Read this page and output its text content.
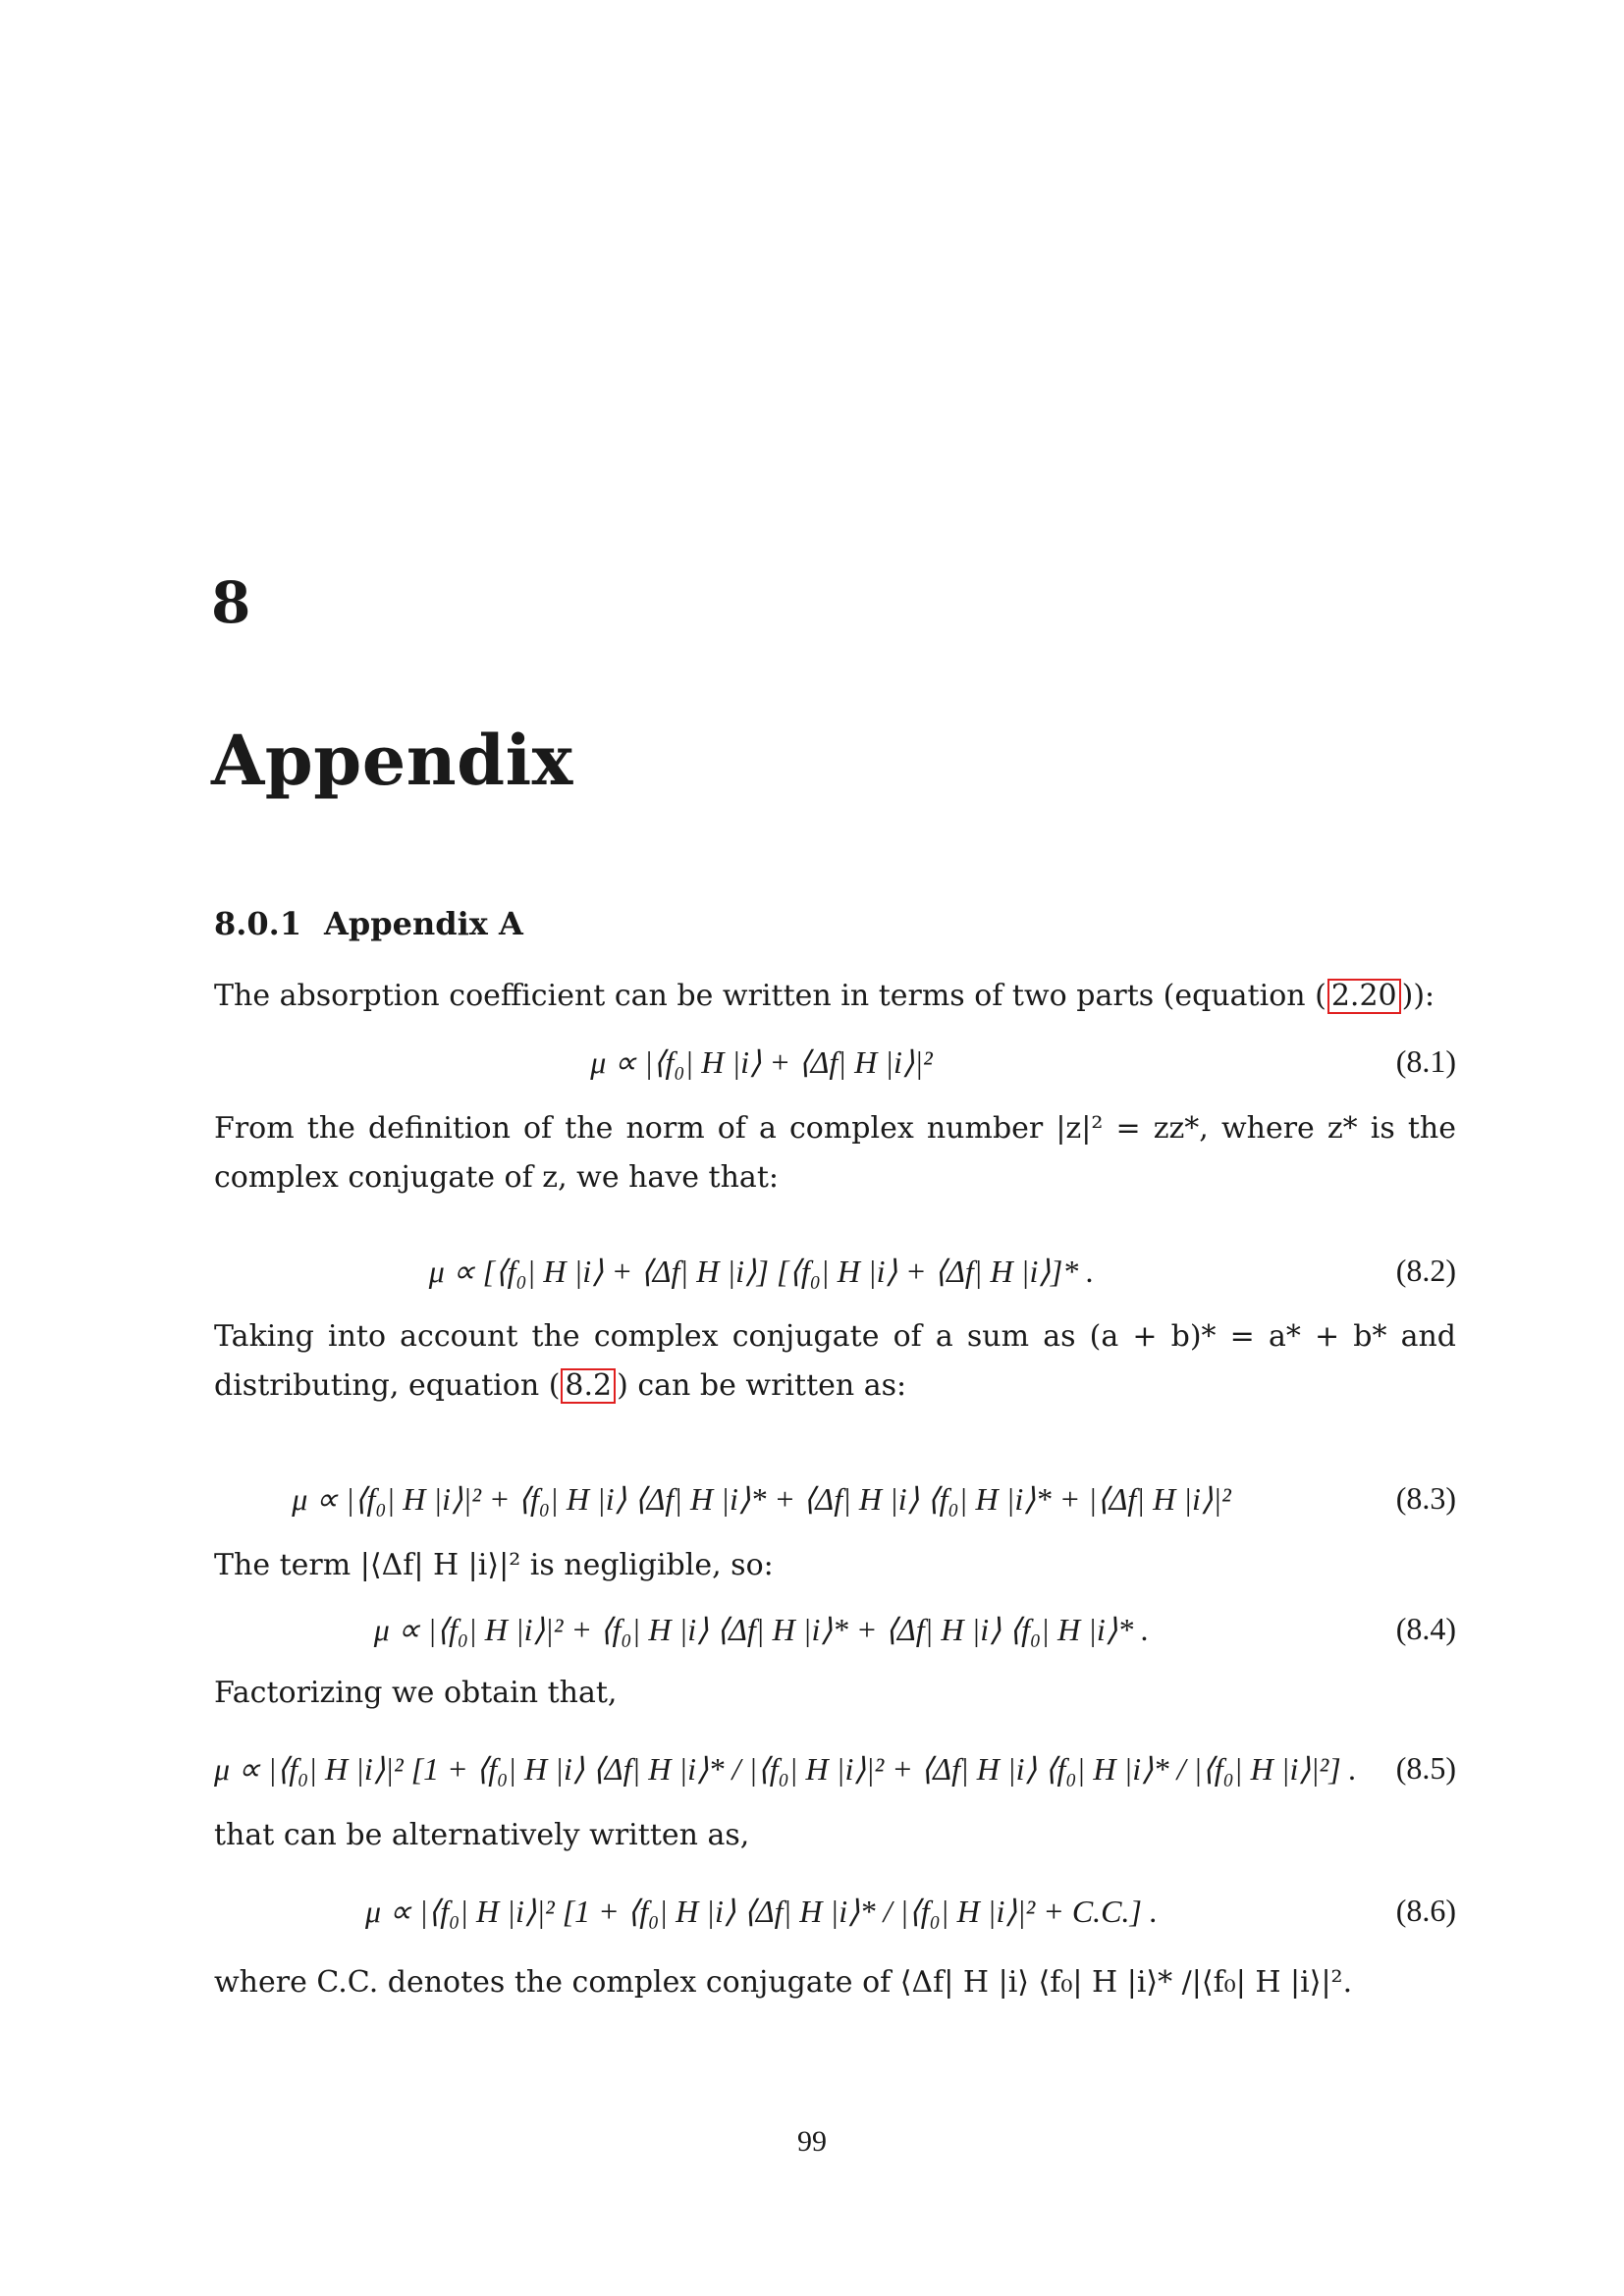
8
Appendix
8.0.1 Appendix A
The absorption coefficient can be written in terms of two parts (equation ( 2.20 )):
μ ∝ |⟨f₀| H |i⟩ + ⟨Δf| H |i⟩|²	(8.1)
From the definition of the norm of a complex number |z|² = zz*, where z* is the complex conjugate of z, we have that:
μ ∝ [⟨f₀| H |i⟩ + ⟨Δf| H |i⟩] [⟨f₀| H |i⟩ + ⟨Δf| H |i⟩]* .	(8.2)
Taking into account the complex conjugate of a sum as (a + b)* = a* + b* and distributing, equation ( 8.2 ) can be written as:
μ ∝ |⟨f₀| H |i⟩|² + ⟨f₀| H |i⟩ ⟨Δf| H |i⟩* + ⟨Δf| H |i⟩ ⟨f₀| H |i⟩* + |⟨Δf| H |i⟩|²	(8.3)
The term |⟨Δf| H |i⟩|² is negligible, so:
μ ∝ |⟨f₀| H |i⟩|² + ⟨f₀| H |i⟩ ⟨Δf| H |i⟩* + ⟨Δf| H |i⟩ ⟨f₀| H |i⟩* .	(8.4)
Factorizing we obtain that,
μ ∝ |⟨f₀| H |i⟩|² [1 + ⟨f₀| H |i⟩ ⟨Δf| H |i⟩* / |⟨f₀| H |i⟩|² + ⟨Δf| H |i⟩ ⟨f₀| H |i⟩* / |⟨f₀| H |i⟩|²] . (8.5)
that can be alternatively written as,
μ ∝ |⟨f₀| H |i⟩|² [1 + ⟨f₀| H |i⟩ ⟨Δf| H |i⟩* / |⟨f₀| H |i⟩|² + C.C.] .	(8.6)
where C.C. denotes the complex conjugate of ⟨Δf| H |i⟩ ⟨f₀| H |i⟩* /|⟨f₀| H |i⟩|².
99
